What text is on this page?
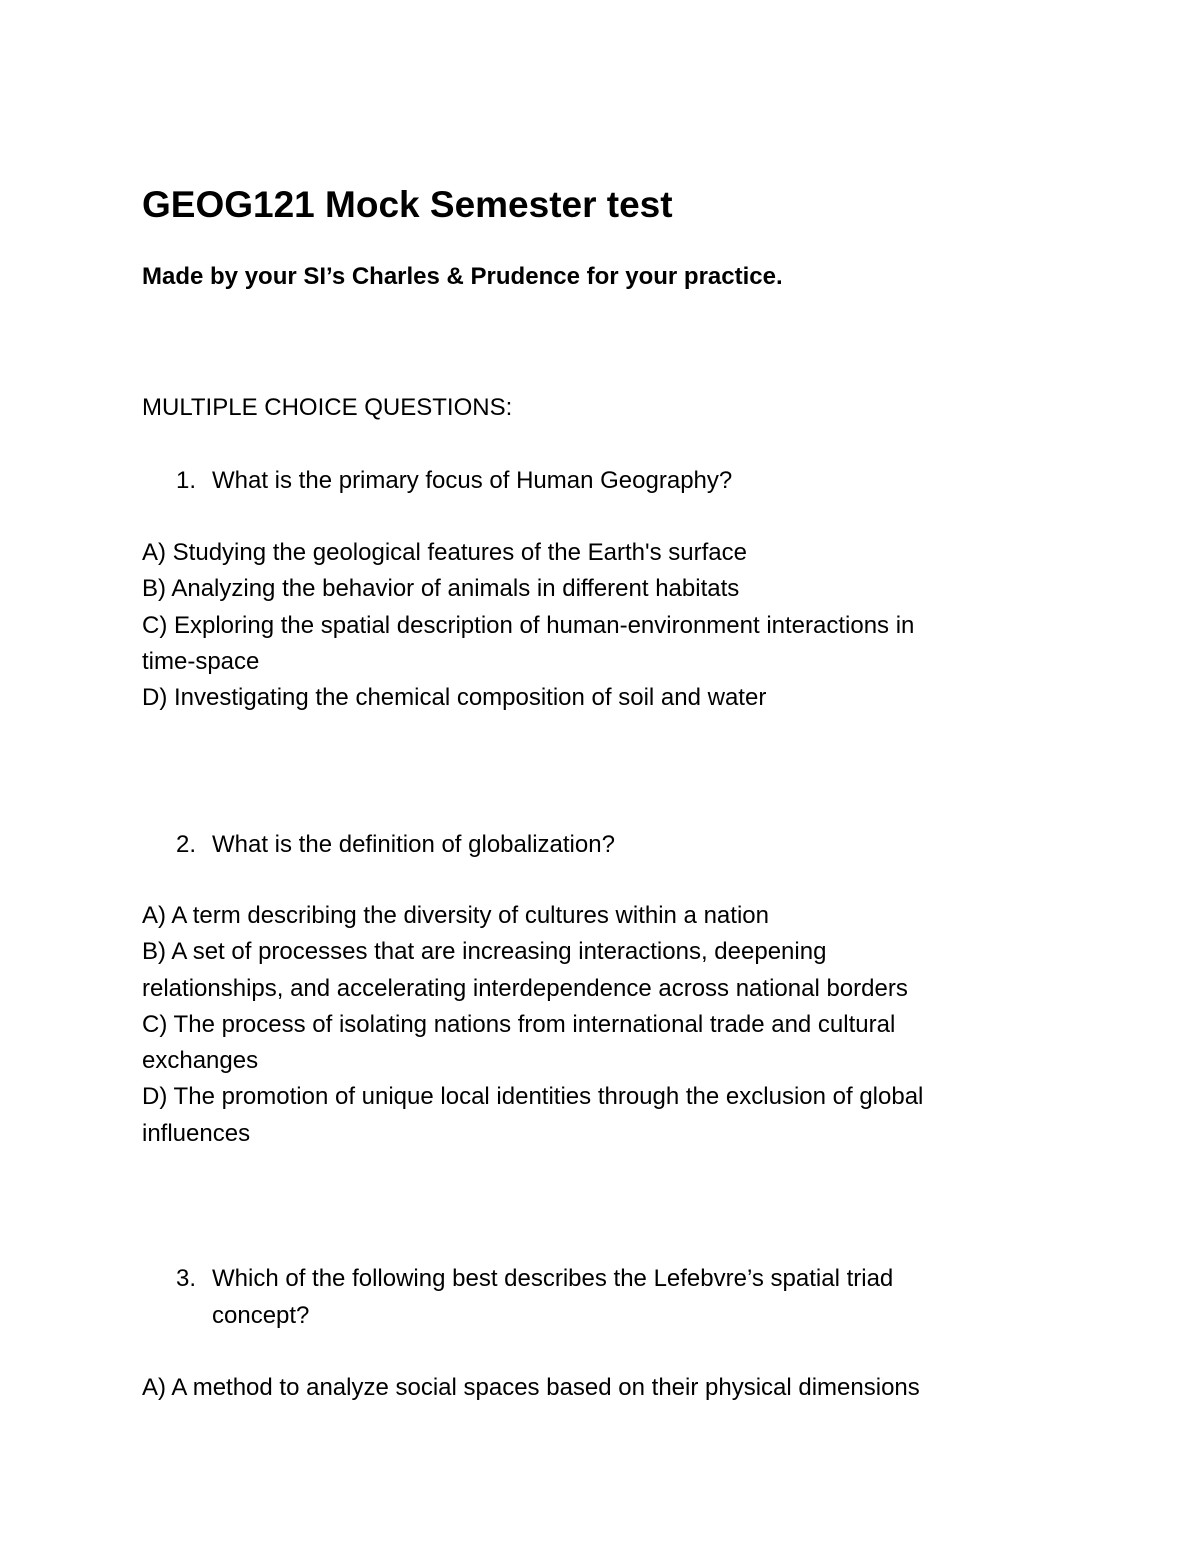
GEOG121 Mock Semester test

Made by your SI’s Charles & Prudence for your practice.

MULTIPLE CHOICE QUESTIONS:

1. What is the primary focus of Human Geography?
A) Studying the geological features of the Earth's surface
B) Analyzing the behavior of animals in different habitats
C) Exploring the spatial description of human-environment interactions in
time-space
D) Investigating the chemical composition of soil and water
2. What is the definition of globalization?
A) A term describing the diversity of cultures within a nation
B) A set of processes that are increasing interactions, deepening
relationships, and accelerating interdependence across national borders
C) The process of isolating nations from international trade and cultural
exchanges
D) The promotion of unique local identities through the exclusion of global
influences
3. Which of the following best describes the Lefebvre’s spatial triad
concept?
A) A method to analyze social spaces based on their physical dimensions
